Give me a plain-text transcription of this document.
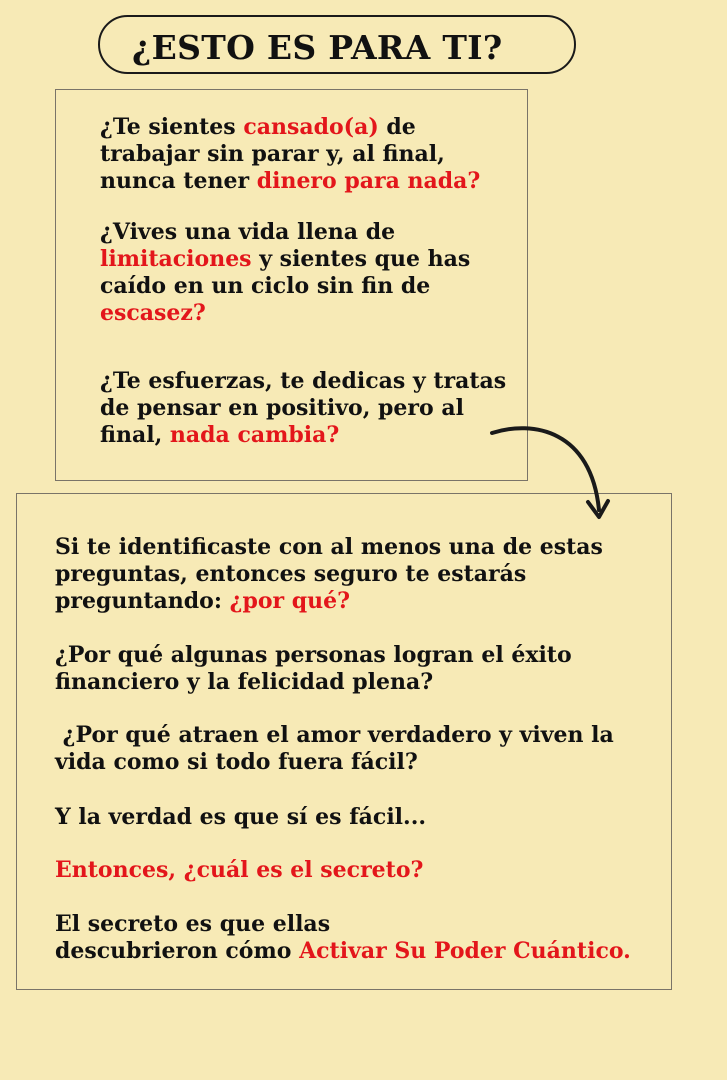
¿ESTO ES PARA TI?

¿Te sientes cansado(a) de
trabajar sin parar y, al final,
nunca tener dinero para nada?

¿Vives una vida llena de
limitaciones y sientes que has
caído en un ciclo sin fin de
escasez?

¿Te esfuerzas, te dedicas y tratas
de pensar en positivo, pero al
final, nada cambia?

Si te identificaste con al menos una de estas
preguntas, entonces seguro te estarás
preguntando: ¿por qué?

¿Por qué algunas personas logran el éxito
financiero y la felicidad plena?

¿Por qué atraen el amor verdadero y viven la
vida como si todo fuera fácil?

Y la verdad es que sí es fácil...

Entonces, ¿cuál es el secreto?

El secreto es que ellas
descubrieron cómo Activar Su Poder Cuántico.
